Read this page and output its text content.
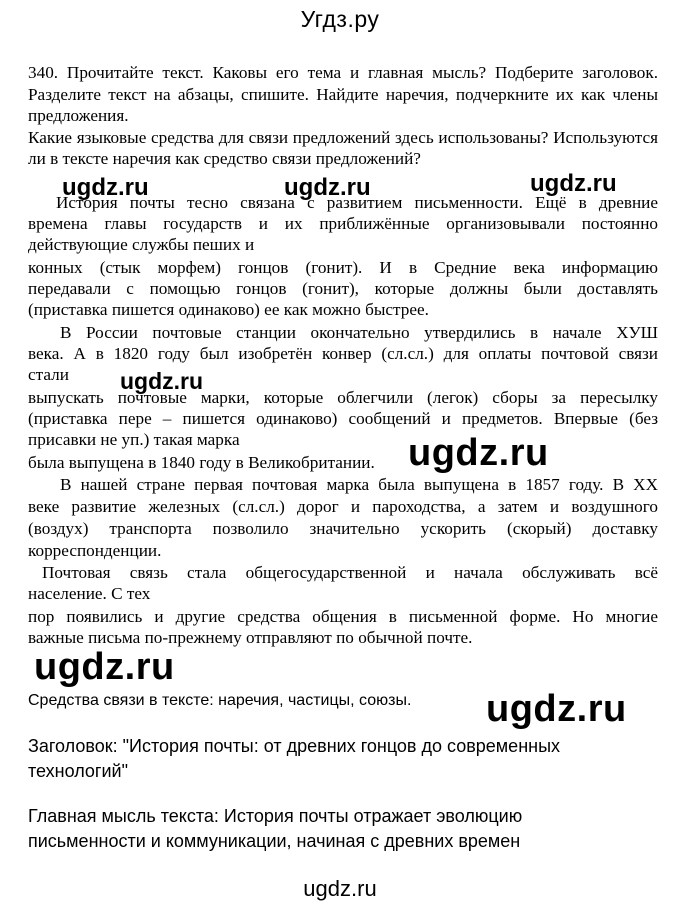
Угдз.ру

340. Прочитайте текст. Каковы его тема и главная мысль? Подберите заголовок. Разделите текст на абзацы, спишите. Найдите наречия, подчеркните их как члены предложения.

Какие языковые средства для связи предложений здесь использованы? Используются ли в тексте наречия как средство связи предложений?

История почты тесно связана с развитием письменности. Ещё в древние
времена главы государств и их приближённые организовывали постоянно
действующие службы пеших и
конных (стык морфем) гонцов (гонит). И в Средние века информацию
передавали с помощью гонцов (гонит), которые должны были доставлять
(приставка пишется одинаково) ее как можно быстрее.
В России почтовые станции окончательно утвердились в начале ХУШ
века. А в 1820 году был изобретён конвер (сл.сл.) для оплаты почтовой связи
стали
выпускать почтовые марки, которые облегчили (легок) сборы за пересылку
(приставка пере – пишется одинаково) сообщений и предметов. Впервые (без
присавки не уп.) такая марка
была выпущена в 1840 году в Великобритании.
В нашей стране первая почтовая марка была выпущена в 1857 году. В ХХ
веке развитие железных (сл.сл.) дорог и пароходства, а затем и воздушного
(воздух) транспорта позволило значительно ускорить (скорый) доставку
корреспонденции.
Почтовая связь стала общегосударственной и начала обслуживать всё
население. С тех
пор появились и другие средства общения в письменной форме. Но многие
важные письма по-прежнему отправляют по обычной почте.
ugdz.ru	ugdz.ru	ugdz.ru
ugdz.ru
ugdz.ru
ugdz.ru
ugdz.ru
Средства связи в тексте: наречия, частицы, союзы.
Заголовок: "История почты: от древних гонцов до современных технологий"
Главная мысль текста: История почты отражает эволюцию письменности и коммуникации, начиная с древних времен
ugdz.ru
